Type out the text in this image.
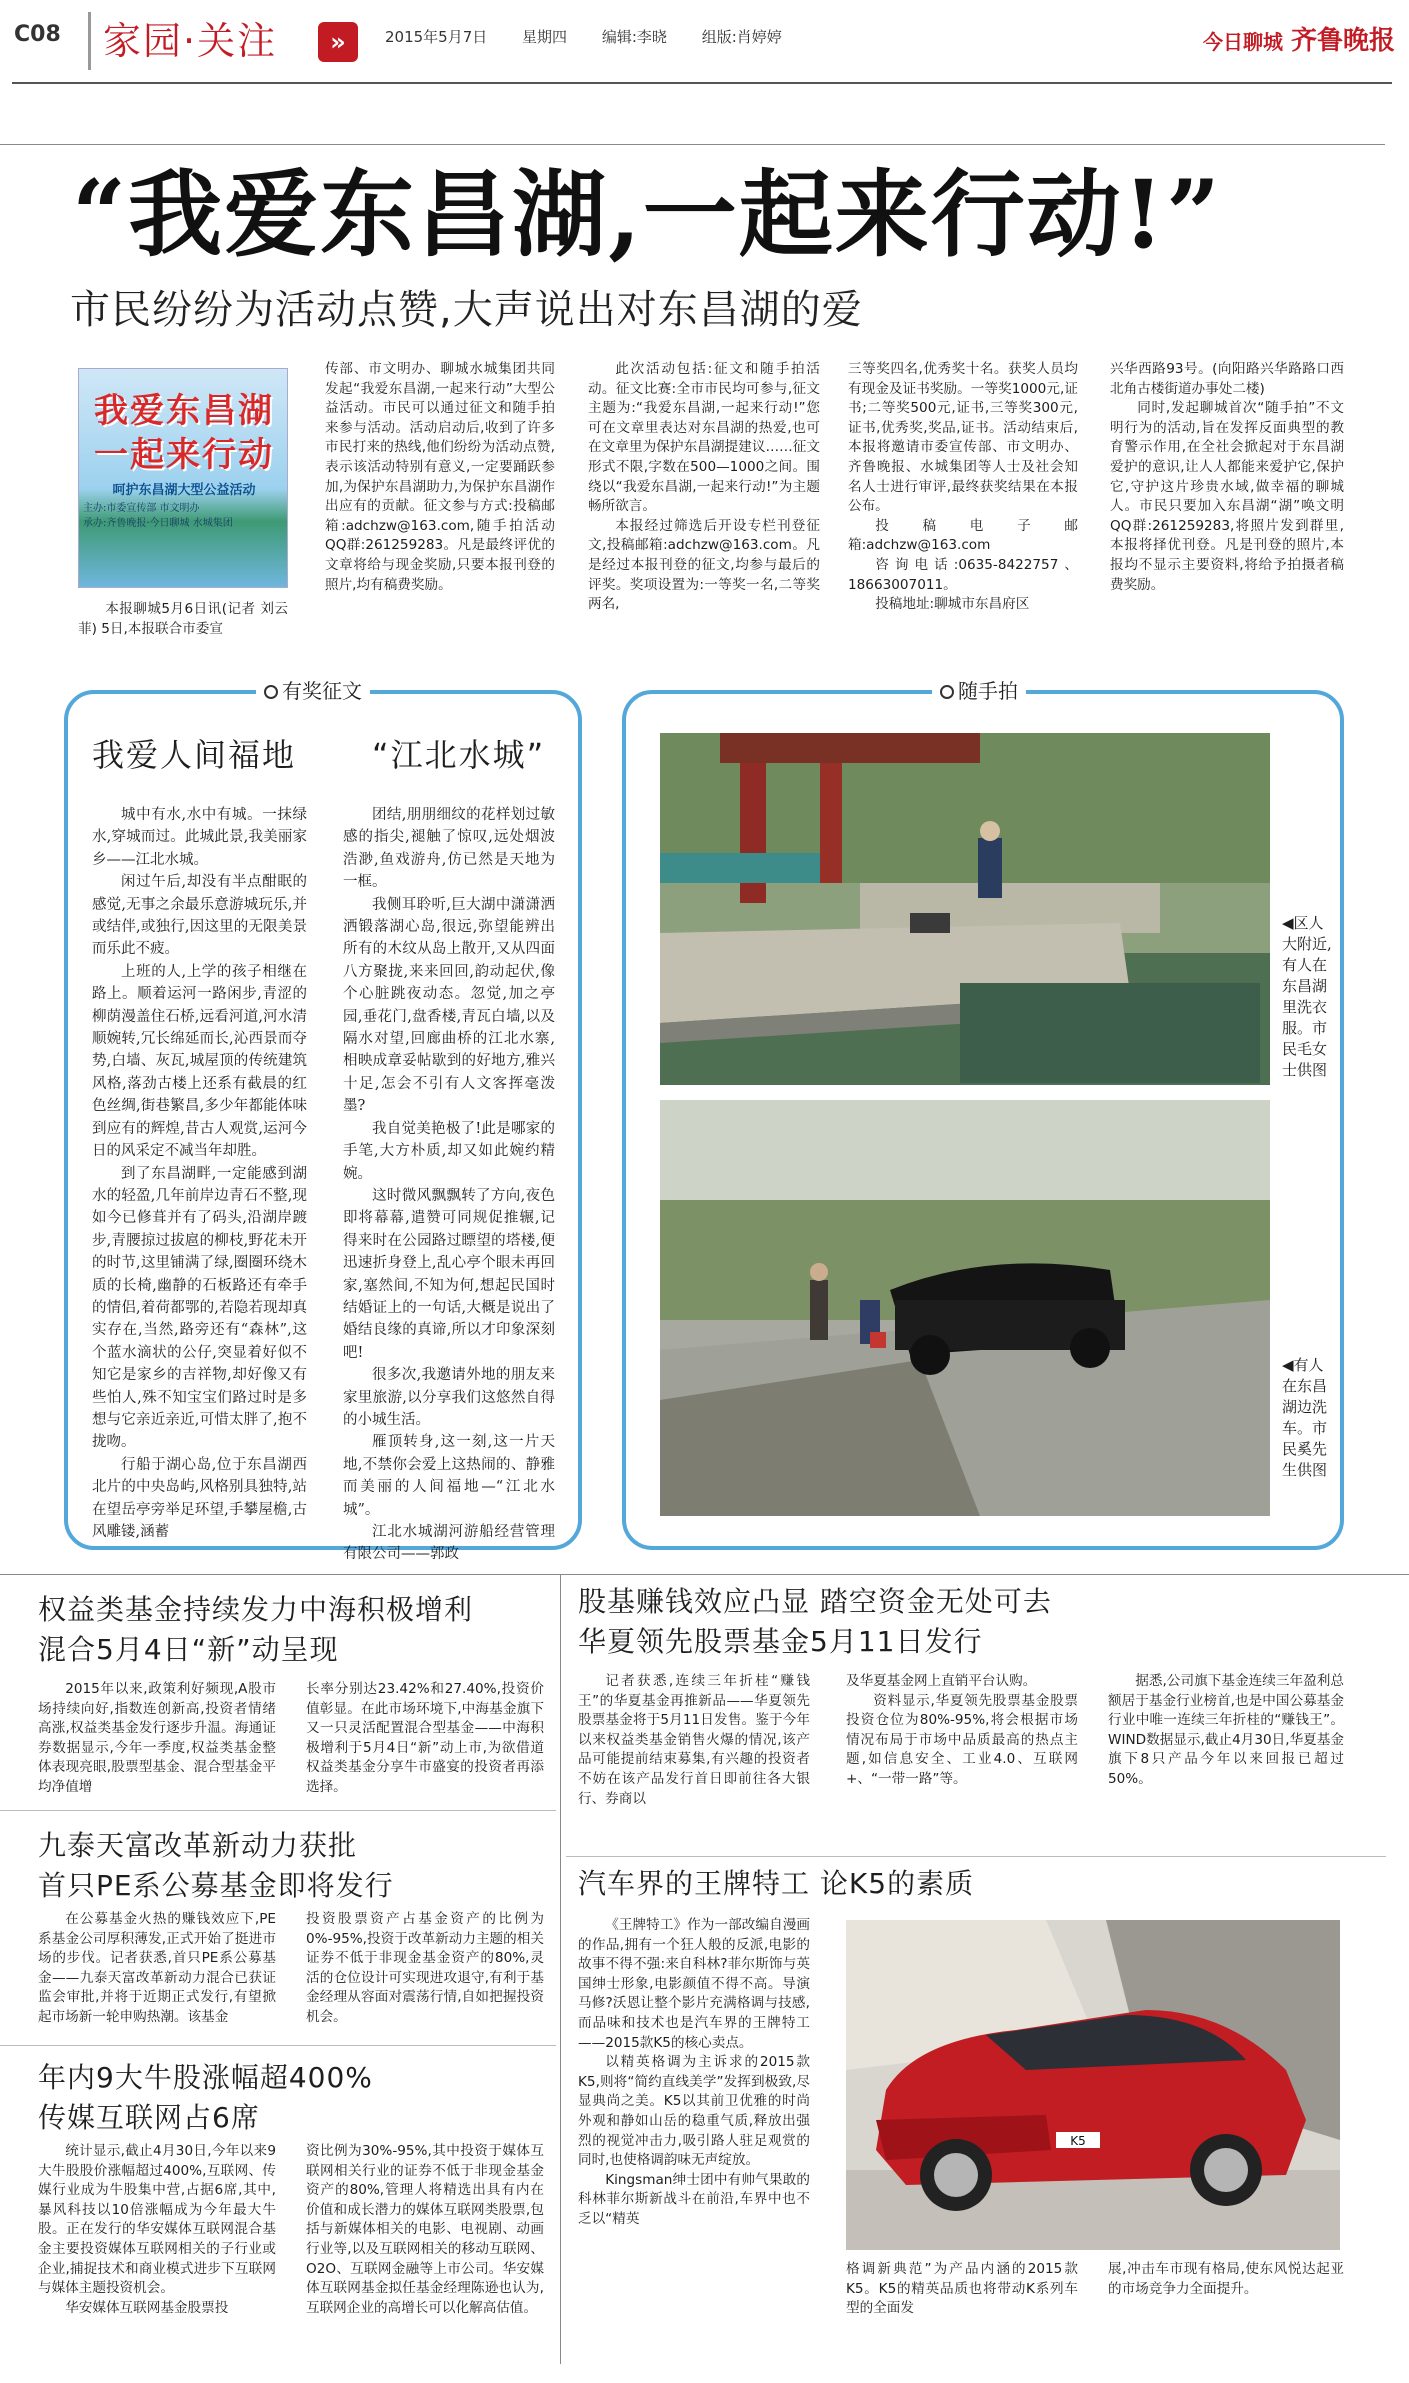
C08	家园·关注	»	2015年5月7日 星期四 编辑:李晓 组版:肖婷婷	今日聊城 齐鲁晚报
“我爱东昌湖,一起来行动!”
市民纷纷为活动点赞,大声说出对东昌湖的爱
我爱东昌湖
一起来行动
呵护东昌湖大型公益活动
主办:市委宣传部 市文明办
承办:齐鲁晚报·今日聊城 水城集团

本报聊城5月6日讯(记者 刘云菲) 5日,本报联合市委宣

传部、市文明办、聊城水城集团共同发起“我爱东昌湖,一起来行动”大型公益活动。市民可以通过征文和随手拍来参与活动。活动启动后,收到了许多市民打来的热线,他们纷纷为活动点赞,表示该活动特别有意义,一定要踊跃参加,为保护东昌湖助力,为保护东昌湖作出应有的贡献。征文参与方式:投稿邮箱:adchzw@163.com,随手拍活动QQ群:261259283。凡是最终评优的文章将给与现金奖励,只要本报刊登的照片,均有稿费奖励。

此次活动包括:征文和随手拍活动。征文比赛:全市市民均可参与,征文主题为:“我爱东昌湖,一起来行动!”您可在文章里表达对东昌湖的热爱,也可在文章里为保护东昌湖提建议……征文形式不限,字数在500—1000之间。围绕以“我爱东昌湖,一起来行动!”为主题畅所欲言。

本报经过筛选后开设专栏刊登征文,投稿邮箱:adchzw@163.com。凡是经过本报刊登的征文,均参与最后的评奖。奖项设置为:一等奖一名,二等奖两名,

三等奖四名,优秀奖十名。获奖人员均有现金及证书奖励。一等奖1000元,证书;二等奖500元,证书,三等奖300元,证书,优秀奖,奖品,证书。活动结束后,本报将邀请市委宣传部、市文明办、齐鲁晚报、水城集团等人士及社会知名人士进行审评,最终获奖结果在本报公布。

投稿电子邮箱:adchzw@163.com

咨询电话:0635-8422757、18663007011。

投稿地址:聊城市东昌府区

兴华西路93号。(向阳路兴华路路口西北角古楼街道办事处二楼)

同时,发起聊城首次“随手拍”不文明行为的活动,旨在发挥反面典型的教育警示作用,在全社会掀起对于东昌湖爱护的意识,让人人都能来爱护它,保护它,守护这片珍贵水域,做幸福的聊城人。市民只要加入东昌湖“湖”唤文明QQ群:261259283,将照片发到群里,本报将择优刊登。凡是刊登的照片,本报均不显示主要资料,将给予拍摄者稿费奖励。

有奖征文
我爱人间福地 “江北水城”

城中有水,水中有城。一抹绿水,穿城而过。此城此景,我美丽家乡——江北水城。

闲过午后,却没有半点酣眠的感觉,无事之余最乐意游城玩乐,并或结伴,或独行,因这里的无限美景而乐此不疲。

上班的人,上学的孩子相继在路上。顺着运河一路闲步,青涩的柳荫漫盖住石桥,远看河道,河水清顺婉转,冗长绵延而长,沁西景而夺势,白墙、灰瓦,城屋顶的传统建筑风格,落劲古楼上还系有截晨的红色丝绸,街巷繁昌,多少年都能体味到应有的辉煌,昔古人观赏,运河今日的风采定不减当年却胜。

到了东昌湖畔,一定能感到湖水的轻盈,几年前岸边青石不整,现如今已修葺并有了码头,沿湖岸踱步,青腰掠过拔扈的柳枝,野花未开的时节,这里铺满了绿,圈圈环绕木质的长椅,幽静的石板路还有牵手的情侣,着荷都鄂的,若隐若现却真实存在,当然,路旁还有“森林”,这个蓝水滴状的公仔,突显着好似不知它是家乡的吉祥物,却好像又有些怕人,殊不知宝宝们路过时是多想与它亲近亲近,可惜太胖了,抱不拢吻。

行船于湖心岛,位于东昌湖西北片的中央岛屿,风格别具独特,站在望岳亭旁举足环望,手攀屋檐,古风雕镂,涵蓄

团结,朋朋细纹的花样划过敏感的指尖,褪触了惊叹,远处烟波浩渺,鱼戏游舟,仿已然是天地为一框。

我侧耳聆听,巨大湖中潇潇洒洒锻落湖心岛,很远,弥望能辨出所有的木纹从岛上散开,又从四面八方聚拢,来来回回,韵动起伏,像个心脏跳夜动态。忽觉,加之亭园,垂花门,盘香楼,青瓦白墙,以及隔水对望,回廊曲桥的江北水寨,相映成章妥帖歇到的好地方,雅兴十足,怎会不引有人文客挥毫泼墨?

我自觉美艳极了!此是哪家的手笔,大方朴质,却又如此婉约精婉。

这时微风飘飘转了方向,夜色即将幕幕,遣赞可同规促推辗,记得来时在公园路过瞟望的塔楼,便迅速折身登上,乱心亭个眼未再回家,塞然间,不知为何,想起民国时结婚证上的一句话,大概是说出了婚结良缘的真谛,所以才印象深刻吧!

很多次,我邀请外地的朋友来家里旅游,以分享我们这悠然自得的小城生活。

雁顶转身,这一刻,这一片天地,不禁你会爱上这热闹的、静雅而美丽的人间福地—“江北水城”。

江北水城湖河游船经营管理有限公司——郭政

随手拍
◀区人大附近,有人在东昌湖里洗衣服。市民毛女士供图
◀有人在东昌湖边洗车。市民奚先生供图
权益类基金持续发力中海积极增利
混合5月4日“新”动呈现

2015年以来,政策利好频现,A股市场持续向好,指数连创新高,投资者情绪高涨,权益类基金发行逐步升温。海通证券数据显示,今年一季度,权益类基金整体表现亮眼,股票型基金、混合型基金平均净值增

长率分别达23.42%和27.40%,投资价值彰显。在此市场环境下,中海基金旗下又一只灵活配置混合型基金——中海积极增利于5月4日“新”动上市,为欲借道权益类基金分享牛市盛宴的投资者再添选择。

九泰天富改革新动力获批
首只PE系公募基金即将发行

在公募基金火热的赚钱效应下,PE系基金公司厚积薄发,正式开始了挺进市场的步伐。记者获悉,首只PE系公募基金——九泰天富改革新动力混合已获证监会审批,并将于近期正式发行,有望掀起市场新一轮申购热潮。该基金

投资股票资产占基金资产的比例为0%-95%,投资于改革新动力主题的相关证券不低于非现金基金资产的80%,灵活的仓位设计可实现进攻退守,有利于基金经理从容面对震荡行情,自如把握投资机会。

年内9大牛股涨幅超400%
传媒互联网占6席

统计显示,截止4月30日,今年以来9大牛股股价涨幅超过400%,互联网、传媒行业成为牛股集中营,占据6席,其中,暴风科技以10倍涨幅成为今年最大牛股。正在发行的华安媒体互联网混合基金主要投资媒体互联网相关的子行业或企业,捕捉技术和商业模式进步下互联网与媒体主题投资机会。

华安媒体互联网基金股票投

资比例为30%-95%,其中投资于媒体互联网相关行业的证券不低于非现金基金资产的80%,管理人将精选出具有内在价值和成长潜力的媒体互联网类股票,包括与新媒体相关的电影、电视剧、动画行业等,以及互联网相关的移动互联网、O2O、互联网金融等上市公司。华安媒体互联网基金拟任基金经理陈逊也认为,互联网企业的高增长可以化解高估值。

股基赚钱效应凸显 踏空资金无处可去
华夏领先股票基金5月11日发行

记者获悉,连续三年折桂“赚钱王”的华夏基金再推新品——华夏领先股票基金将于5月11日发售。鉴于今年以来权益类基金销售火爆的情况,该产品可能提前结束募集,有兴趣的投资者不妨在该产品发行首日即前往各大银行、券商以

及华夏基金网上直销平台认购。

资料显示,华夏领先股票基金股票投资仓位为80%-95%,将会根据市场情况布局于市场中品质最高的热点主题,如信息安全、工业4.0、互联网+、“一带一路”等。

据悉,公司旗下基金连续三年盈利总额居于基金行业榜首,也是中国公募基金行业中唯一连续三年折桂的“赚钱王”。WIND数据显示,截止4月30日,华夏基金旗下8只产品今年以来回报已超过50%。

汽车界的王牌特工 论K5的素质

《王牌特工》作为一部改编自漫画的作品,拥有一个狂人般的反派,电影的故事不得不强:来自科林?菲尔斯饰与英国绅士形象,电影颜值不得不高。导演马修?沃恩让整个影片充满格调与技感,而品味和技术也是汽车界的王牌特工——2015款K5的核心卖点。

以精英格调为主诉求的2015款K5,则将“简约直线美学”发挥到极致,尽显典尚之美。K5以其前卫优雅的时尚外观和静如山岳的稳重气质,释放出强烈的视觉冲击力,吸引路人驻足观赏的同时,也使格调韵味无声绽放。

Kingsman绅士团中有帅气果敢的科林菲尔斯新战斗在前沿,车界中也不乏以“精英

K5

格调新典范”为产品内涵的2015款K5。K5的精英品质也将带动K系列车型的全面发

展,冲击车市现有格局,使东风悦达起亚的市场竞争力全面提升。
